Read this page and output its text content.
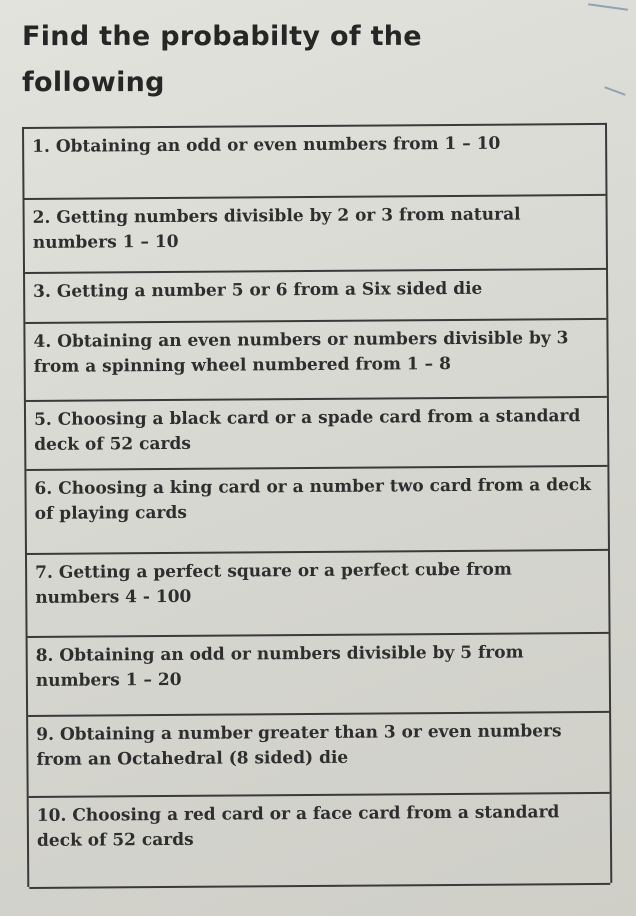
Find the probabilty of the
following
1. Obtaining an odd or even numbers from 1 – 10
2. Getting numbers divisible by 2 or 3 from natural numbers 1 – 10
3. Getting a number 5 or 6 from a Six sided die
4. Obtaining an even numbers or numbers divisible by 3 from a spinning wheel numbered from 1 – 8
5. Choosing a black card or a spade card from a standard deck of 52 cards
6. Choosing a king card or a number two card from a deck of playing cards
7. Getting a perfect square or a perfect cube from numbers 4 - 100
8. Obtaining an odd or numbers divisible by 5 from numbers 1 – 20
9. Obtaining a number greater than 3 or even numbers from an Octahedral (8 sided) die
10. Choosing a red card or a face card from a standard deck of 52 cards
